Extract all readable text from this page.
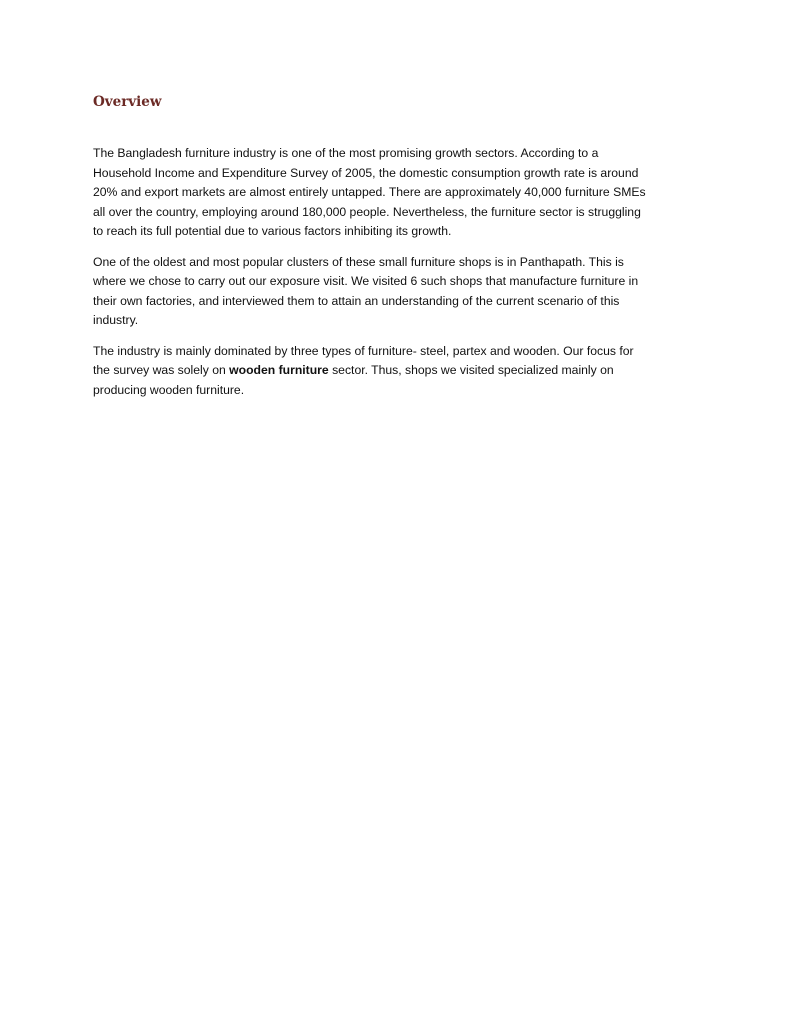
Overview

The Bangladesh furniture industry is one of the most promising growth sectors. According to a
Household Income and Expenditure Survey of 2005, the domestic consumption growth rate is around
20% and export markets are almost entirely untapped. There are approximately 40,000 furniture SMEs
all over the country, employing around 180,000 people. Nevertheless, the furniture sector is struggling
to reach its full potential due to various factors inhibiting its growth.

One of the oldest and most popular clusters of these small furniture shops is in Panthapath. This is
where we chose to carry out our exposure visit. We visited 6 such shops that manufacture furniture in
their own factories, and interviewed them to attain an understanding of the current scenario of this
industry.

The industry is mainly dominated by three types of furniture- steel, partex and wooden. Our focus for
the survey was solely on wooden furniture sector. Thus, shops we visited specialized mainly on
producing wooden furniture.
